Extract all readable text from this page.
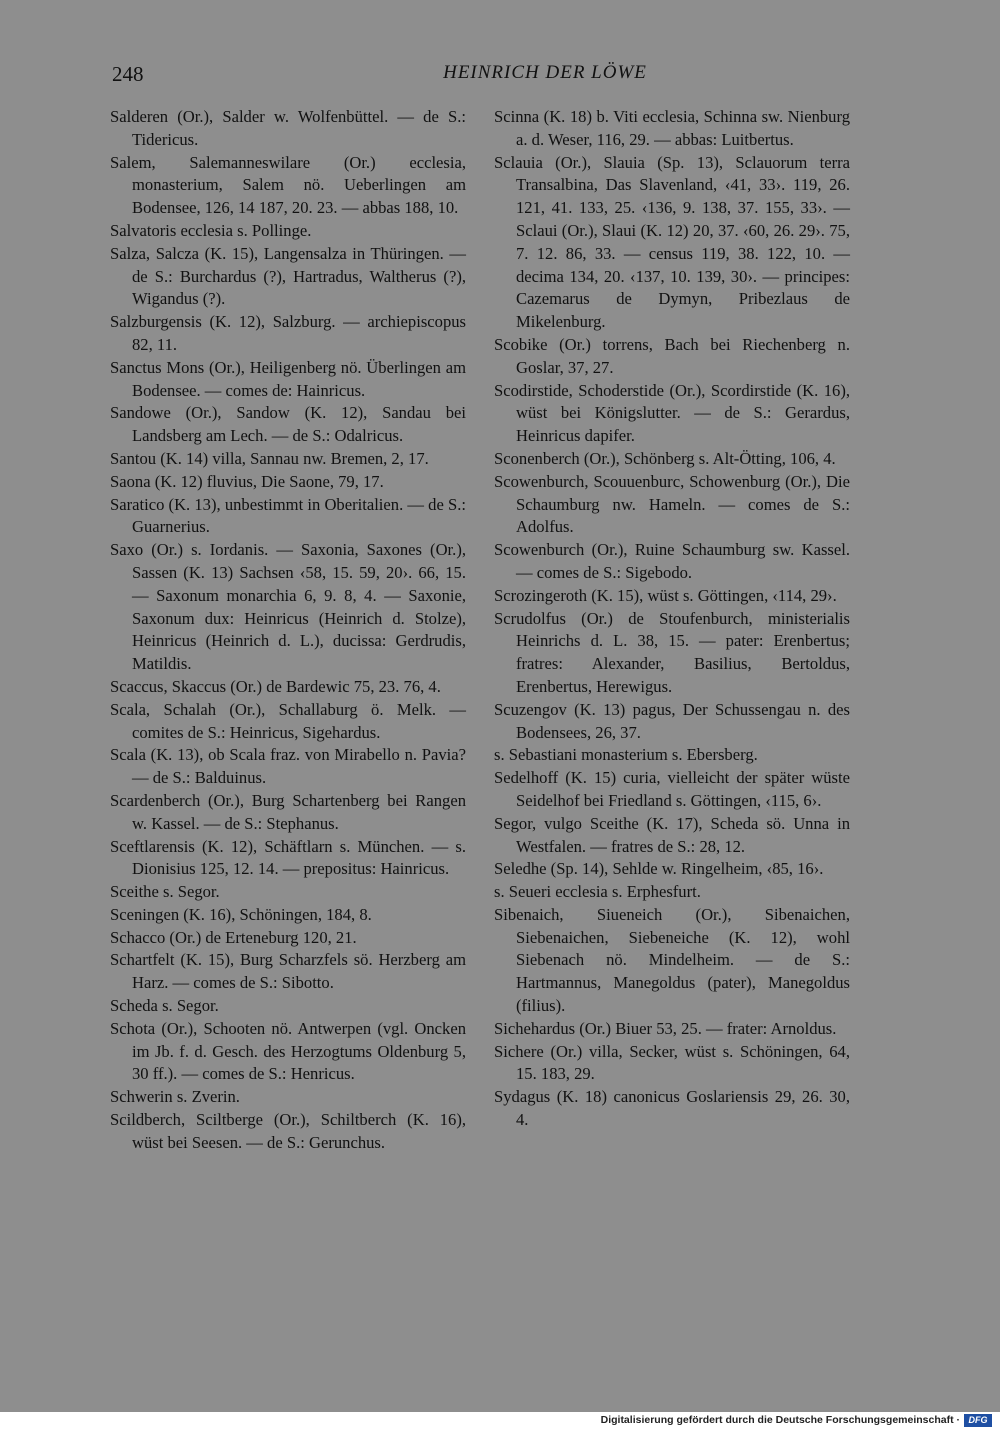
248	HEINRICH DER LÖWE

Salderen (Or.), Salder w. Wolfenbüttel. — de S.: Tidericus.

Salem, Salemanneswilare (Or.) ecclesia, monasterium, Salem nö. Ueberlingen am Bodensee, 126, 14 187, 20. 23. — abbas 188, 10.

Salvatoris ecclesia s. Pollinge.

Salza, Salcza (K. 15), Langensalza in Thüringen. — de S.: Burchardus (?), Hartradus, Waltherus (?), Wigandus (?).

Salzburgensis (K. 12), Salzburg. — archiepiscopus 82, 11.

Sanctus Mons (Or.), Heiligenberg nö. Überlingen am Bodensee. — comes de: Hainricus.

Sandowe (Or.), Sandow (K. 12), Sandau bei Landsberg am Lech. — de S.: Odalricus.

Santou (K. 14) villa, Sannau nw. Bremen, 2, 17.

Saona (K. 12) fluvius, Die Saone, 79, 17.

Saratico (K. 13), unbestimmt in Oberitalien. — de S.: Guarnerius.

Saxo (Or.) s. Iordanis. — Saxonia, Saxones (Or.), Sassen (K. 13) Sachsen ‹58, 15. 59, 20›. 66, 15. — Saxonum monarchia 6, 9. 8, 4. — Saxonie, Saxonum dux: Heinricus (Heinrich d. Stolze), Heinricus (Heinrich d. L.), ducissa: Gerdrudis, Matildis.

Scaccus, Skaccus (Or.) de Bardewic 75, 23. 76, 4.

Scala, Schalah (Or.), Schallaburg ö. Melk. — comites de S.: Heinricus, Sigehardus.

Scala (K. 13), ob Scala fraz. von Mirabello n. Pavia? — de S.: Balduinus.

Scardenberch (Or.), Burg Schartenberg bei Rangen w. Kassel. — de S.: Stephanus.

Sceftlarensis (K. 12), Schäftlarn s. München. — s. Dionisius 125, 12. 14. — prepositus: Hainricus.

Sceithe s. Segor.

Sceningen (K. 16), Schöningen, 184, 8.

Schacco (Or.) de Erteneburg 120, 21.

Schartfelt (K. 15), Burg Scharzfels sö. Herzberg am Harz. — comes de S.: Sibotto.

Scheda s. Segor.

Schota (Or.), Schooten nö. Antwerpen (vgl. Oncken im Jb. f. d. Gesch. des Herzogtums Oldenburg 5, 30 ff.). — comes de S.: Henricus.

Schwerin s. Zverin.

Scildberch, Sciltberge (Or.), Schiltberch (K. 16), wüst bei Seesen. — de S.: Gerunchus.

Scinna (K. 18) b. Viti ecclesia, Schinna sw. Nienburg a. d. Weser, 116, 29. — abbas: Luitbertus.

Sclauia (Or.), Slauia (Sp. 13), Sclauorum terra Transalbina, Das Slavenland, ‹41, 33›. 119, 26. 121, 41. 133, 25. ‹136, 9. 138, 37. 155, 33›. — Sclaui (Or.), Slaui (K. 12) 20, 37. ‹60, 26. 29›. 75, 7. 12. 86, 33. — census 119, 38. 122, 10. — decima 134, 20. ‹137, 10. 139, 30›. — principes: Cazemarus de Dymyn, Pribezlaus de Mikelenburg.

Scobike (Or.) torrens, Bach bei Riechenberg n. Goslar, 37, 27.

Scodirstide, Schoderstide (Or.), Scordirstide (K. 16), wüst bei Königslutter. — de S.: Gerardus, Heinricus dapifer.

Sconenberch (Or.), Schönberg s. Alt-Ötting, 106, 4.

Scowenburch, Scouuenburc, Schowenburg (Or.), Die Schaumburg nw. Hameln. — comes de S.: Adolfus.

Scowenburch (Or.), Ruine Schaumburg sw. Kassel. — comes de S.: Sigebodo.

Scrozingeroth (K. 15), wüst s. Göttingen, ‹114, 29›.

Scrudolfus (Or.) de Stoufenburch, ministerialis Heinrichs d. L. 38, 15. — pater: Erenbertus; fratres: Alexander, Basilius, Bertoldus, Erenbertus, Herewigus.

Scuzengov (K. 13) pagus, Der Schussengau n. des Bodensees, 26, 37.

s. Sebastiani monasterium s. Ebersberg.

Sedelhoff (K. 15) curia, vielleicht der später wüste Seidelhof bei Friedland s. Göttingen, ‹115, 6›.

Segor, vulgo Sceithe (K. 17), Scheda sö. Unna in Westfalen. — fratres de S.: 28, 12.

Seledhe (Sp. 14), Sehlde w. Ringelheim, ‹85, 16›.

s. Seueri ecclesia s. Erphesfurt.

Sibenaich, Siueneich (Or.), Sibenaichen, Siebenaichen, Siebeneiche (K. 12), wohl Siebenach nö. Mindelheim. — de S.: Hartmannus, Manegoldus (pater), Manegoldus (filius).

Sichehardus (Or.) Biuer 53, 25. — frater: Arnoldus.

Sichere (Or.) villa, Secker, wüst s. Schöningen, 64, 15. 183, 29.

Sydagus (K. 18) canonicus Goslariensis 29, 26. 30, 4.

Digitalisierung gefördert durch die Deutsche Forschungsgemeinschaft · DFG
